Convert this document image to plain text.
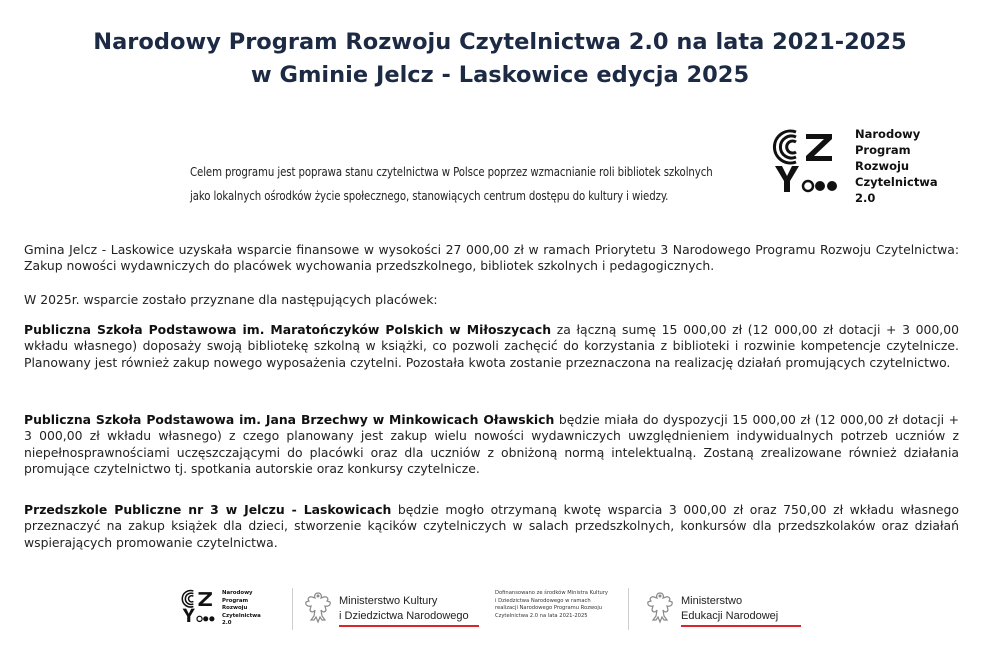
Narodowy Program Rozwoju Czytelnictwa 2.0 na lata 2021-2025
w Gminie Jelcz - Laskowice edycja 2025
Celem programu jest poprawa stanu czytelnictwa w Polsce poprzez wzmacnianie roli bibliotek szkolnych
jako lokalnych ośrodków życie społecznego, stanowiących centrum dostępu do kultury i wiedzy.
Narodowy
Program
Rozwoju
Czytelnictwa
2.0
Gmina Jelcz - Laskowice uzyskała wsparcie finansowe w wysokości 27 000,00 zł w ramach Priorytetu 3 Narodowego Programu Rozwoju Czytelnictwa: Zakup nowości wydawniczych do placówek wychowania przedszkolnego, bibliotek szkolnych i pedagogicznych.
W 2025r. wsparcie zostało przyznane dla następujących placówek:
Publiczna Szkoła Podstawowa im. Maratończyków Polskich w Miłoszycach za łączną sumę 15 000,00 zł (12 000,00 zł dotacji + 3 000,00 wkładu własnego) doposaży swoją bibliotekę szkolną w książki, co pozwoli zachęcić do korzystania z biblioteki i rozwinie kompetencje czytelnicze. Planowany jest również zakup nowego wyposażenia czytelni. Pozostała kwota zostanie przeznaczona na realizację działań promujących czytelnictwo.
Publiczna Szkoła Podstawowa im. Jana Brzechwy w Minkowicach Oławskich będzie miała do dyspozycji 15 000,00 zł (12 000,00 zł dotacji + 3 000,00 zł wkładu własnego) z czego planowany jest zakup wielu nowości wydawniczych uwzględnieniem indywidualnych potrzeb uczniów z niepełnosprawnościami uczęszczającymi do placówki oraz dla uczniów z obniżoną normą intelektualną. Zostaną zrealizowane również działania promujące czytelnictwo tj. spotkania autorskie oraz konkursy czytelnicze.
Przedszkole Publiczne nr 3 w Jelczu - Laskowicach będzie mogło otrzymaną kwotę wsparcia 3 000,00 zł oraz 750,00 zł wkładu własnego przeznaczyć na zakup książek dla dzieci, stworzenie kącików czytelniczych w salach przedszkolnych, konkursów dla przedszkolaków oraz działań wspierających promowanie czytelnictwa.
Narodowy
Program
Rozwoju
Czytelnictwa
2.0
Ministerstwo Kultury
i Dziedzictwa Narodowego
Dofinansowano ze środków Ministra Kultury
i Dziedzictwa Narodowego w ramach
realizacji Narodowego Programu Rozwoju
Czytelnictwa 2.0 na lata 2021-2025
Ministerstwo
Edukacji Narodowej
